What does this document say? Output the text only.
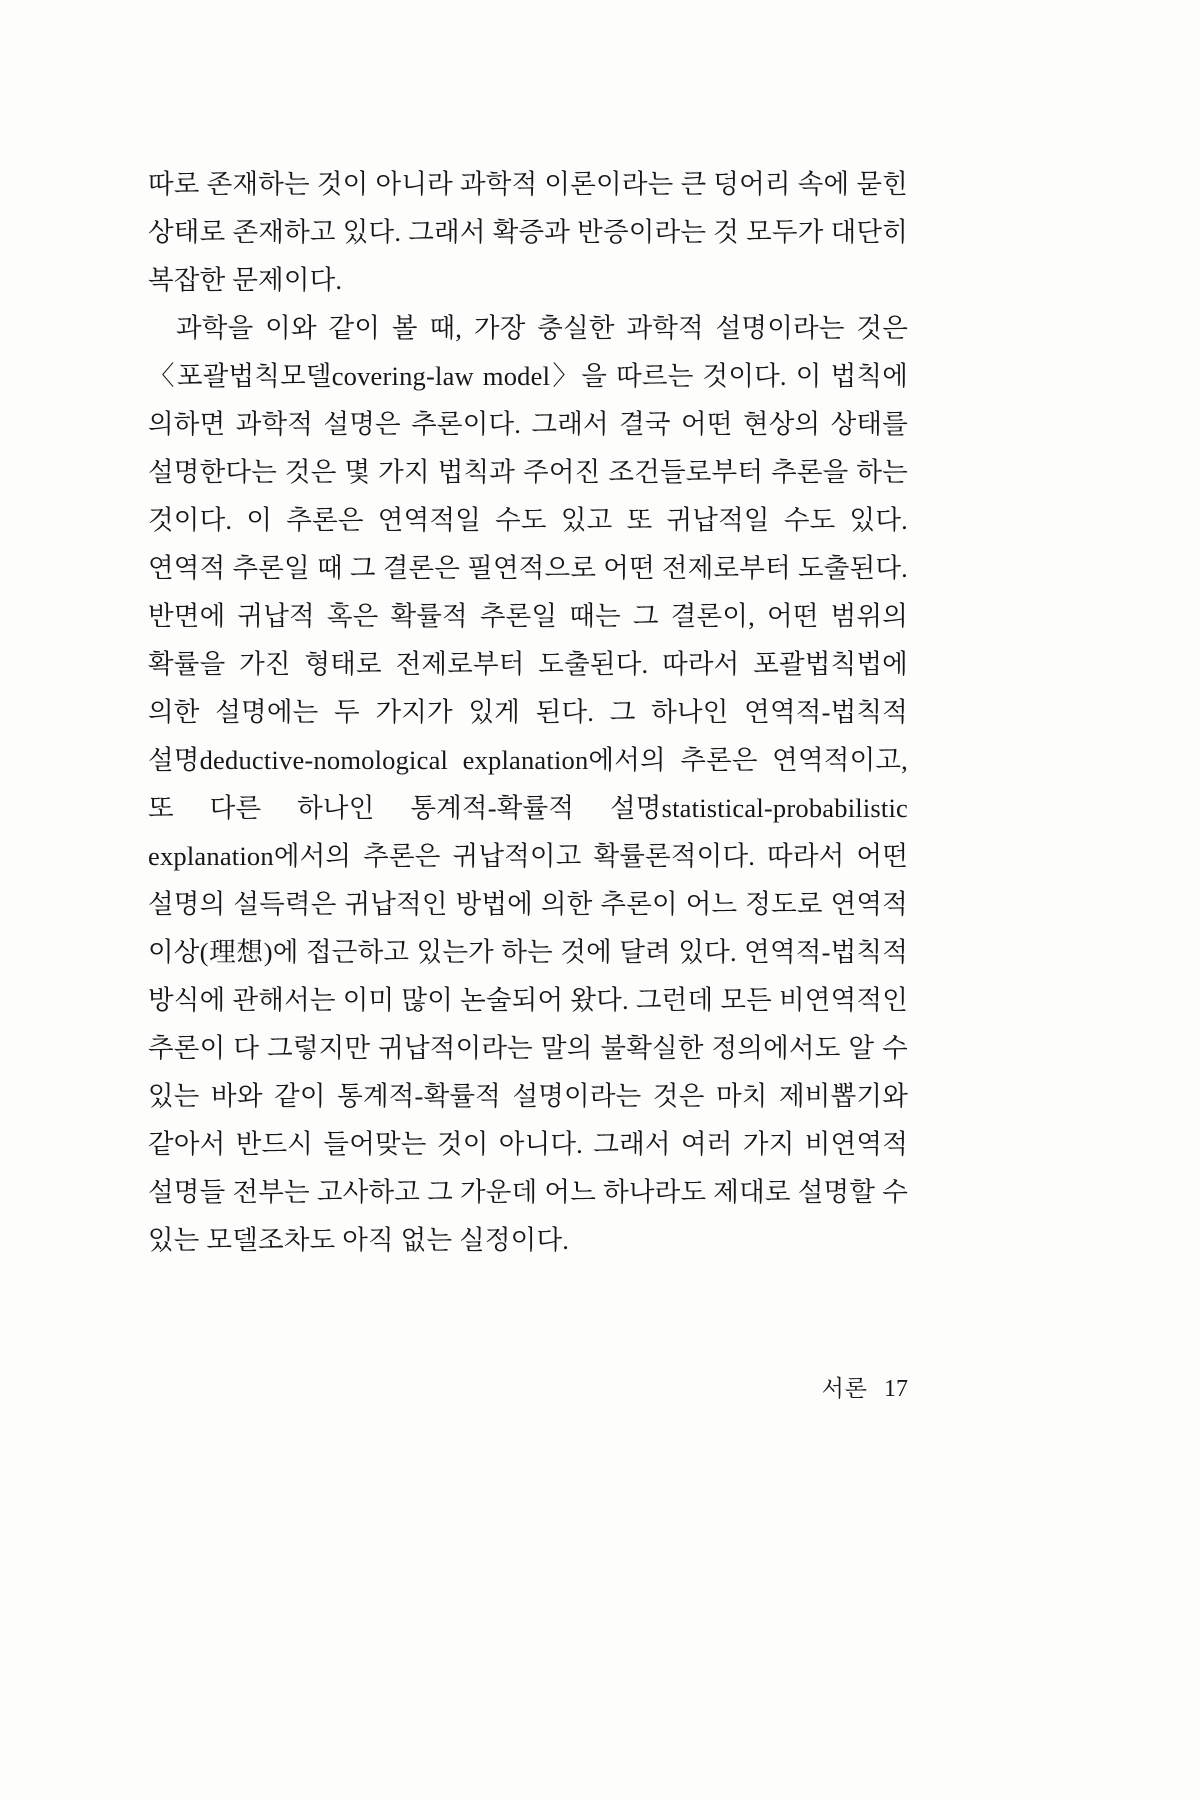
따로 존재하는 것이 아니라 과학적 이론이라는 큰 덩어리 속에 묻힌 상태로 존재하고 있다. 그래서 확증과 반증이라는 것 모두가 대단히 복잡한 문제이다.

과학을 이와 같이 볼 때, 가장 충실한 과학적 설명이라는 것은 〈포괄법칙모델covering-law model〉을 따르는 것이다. 이 법칙에 의하면 과학적 설명은 추론이다. 그래서 결국 어떤 현상의 상태를 설명한다는 것은 몇 가지 법칙과 주어진 조건들로부터 추론을 하는 것이다. 이 추론은 연역적일 수도 있고 또 귀납적일 수도 있다. 연역적 추론일 때 그 결론은 필연적으로 어떤 전제로부터 도출된다. 반면에 귀납적 혹은 확률적 추론일 때는 그 결론이, 어떤 범위의 확률을 가진 형태로 전제로부터 도출된다. 따라서 포괄법칙법에 의한 설명에는 두 가지가 있게 된다. 그 하나인 연역적-법칙적 설명deductive-nomological explanation에서의 추론은 연역적이고, 또 다른 하나인 통계적-확률적 설명statistical-probabilistic explanation에서의 추론은 귀납적이고 확률론적이다. 따라서 어떤 설명의 설득력은 귀납적인 방법에 의한 추론이 어느 정도로 연역적 이상(理想)에 접근하고 있는가 하는 것에 달려 있다. 연역적-법칙적 방식에 관해서는 이미 많이 논술되어 왔다. 그런데 모든 비연역적인 추론이 다 그렇지만 귀납적이라는 말의 불확실한 정의에서도 알 수 있는 바와 같이 통계적-확률적 설명이라는 것은 마치 제비뽑기와 같아서 반드시 들어맞는 것이 아니다. 그래서 여러 가지 비연역적 설명들 전부는 고사하고 그 가운데 어느 하나라도 제대로 설명할 수 있는 모델조차도 아직 없는 실정이다.

서론 17
